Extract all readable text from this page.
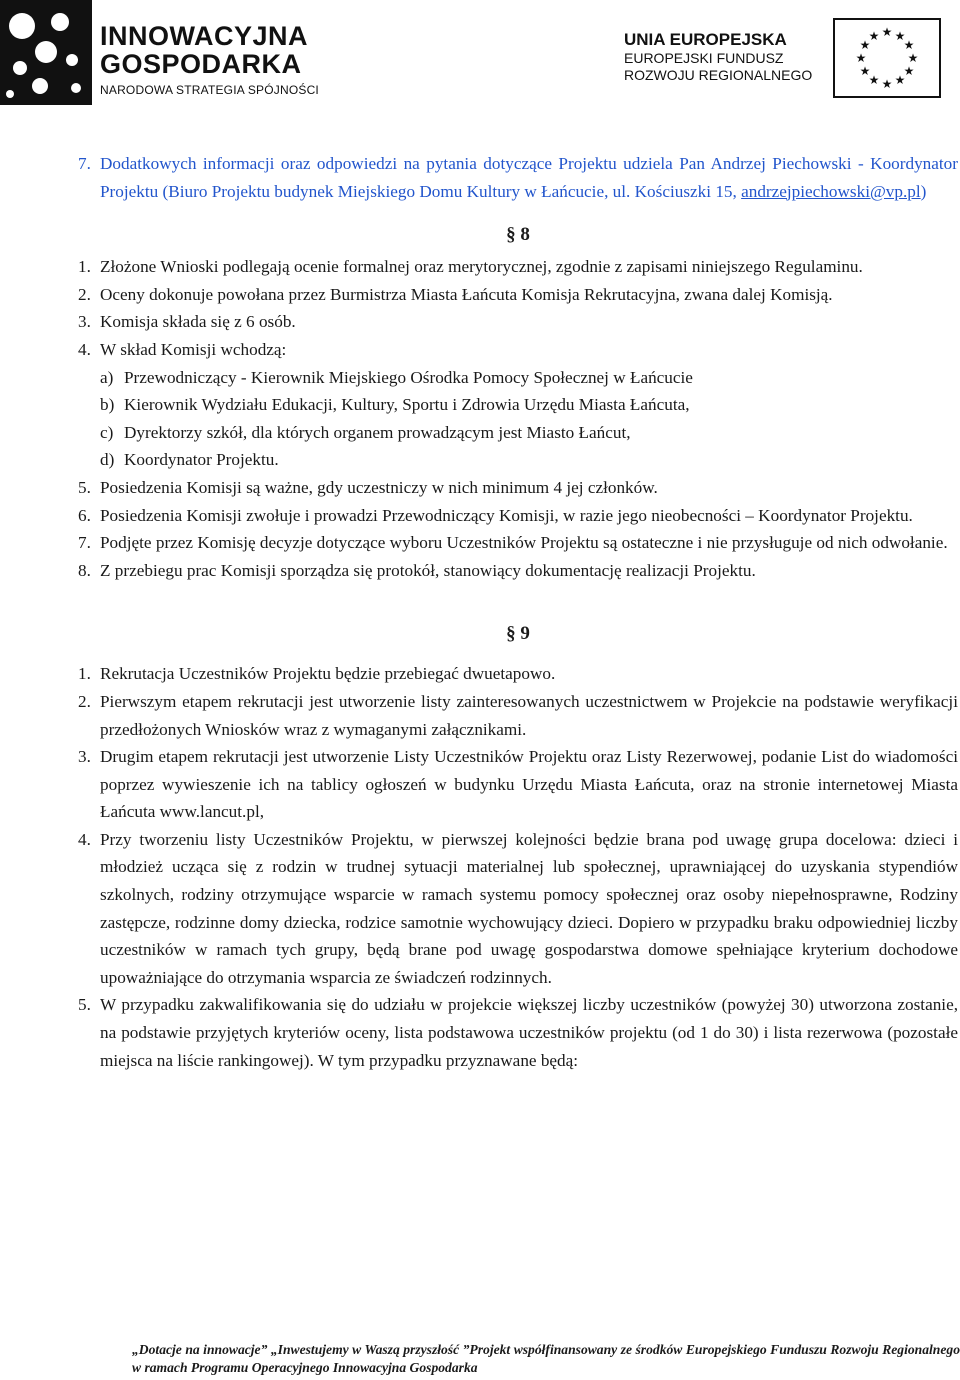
INNOWACYJNA
GOSPODARKA
NARODOWA STRATEGIA SPÓJNOŚCI
UNIA EUROPEJSKA
EUROPEJSKI FUNDUSZ
ROZWOJU REGIONALNEGO
★ ★
★
★
★
★
★
★
★
★
★
★
7. Dodatkowych informacji oraz odpowiedzi na pytania dotyczące Projektu udziela Pan Andrzej Piechowski - Koordynator Projektu (Biuro Projektu budynek Miejskiego Domu Kultury w Łańcucie, ul. Kościuszki 15, andrzejpiechowski@vp.pl)
§ 8
1. Złożone Wnioski podlegają ocenie formalnej oraz merytorycznej, zgodnie z zapisami niniejszego Regulaminu.
2. Oceny dokonuje powołana przez Burmistrza Miasta Łańcuta Komisja Rekrutacyjna, zwana dalej Komisją.
3. Komisja składa się z 6 osób.
4. W skład Komisji wchodzą:
a) Przewodniczący - Kierownik Miejskiego Ośrodka Pomocy Społecznej w Łańcucie
b) Kierownik Wydziału Edukacji, Kultury, Sportu i Zdrowia Urzędu Miasta Łańcuta,
c) Dyrektorzy szkół, dla których organem prowadzącym jest Miasto Łańcut,
d) Koordynator Projektu.
5. Posiedzenia Komisji są ważne, gdy uczestniczy w nich minimum 4 jej członków.
6. Posiedzenia Komisji zwołuje i prowadzi Przewodniczący Komisji, w razie jego nieobecności – Koordynator Projektu.
7. Podjęte przez Komisję decyzje dotyczące wyboru Uczestników Projektu są ostateczne i nie przysługuje od nich odwołanie.
8. Z przebiegu prac Komisji sporządza się protokół, stanowiący dokumentację realizacji Projektu.
§ 9
1. Rekrutacja Uczestników Projektu będzie przebiegać dwuetapowo.
2. Pierwszym etapem rekrutacji jest utworzenie listy zainteresowanych uczestnictwem w Projekcie na podstawie weryfikacji przedłożonych Wniosków wraz z wymaganymi załącznikami.
3. Drugim etapem rekrutacji jest utworzenie Listy Uczestników Projektu oraz Listy Rezerwowej, podanie List do wiadomości poprzez wywieszenie ich na tablicy ogłoszeń w budynku Urzędu Miasta Łańcuta, oraz na stronie internetowej Miasta Łańcuta www.lancut.pl,
4. Przy tworzeniu listy Uczestników Projektu, w pierwszej kolejności będzie brana pod uwagę grupa docelowa: dzieci i młodzież ucząca się z rodzin w trudnej sytuacji materialnej lub społecznej, uprawniającej do uzyskania stypendiów szkolnych, rodziny otrzymujące wsparcie w ramach systemu pomocy społecznej oraz osoby niepełnosprawne, Rodziny zastępcze, rodzinne domy dziecka, rodzice samotnie wychowujący dzieci. Dopiero w przypadku braku odpowiedniej liczby uczestników w ramach tych grupy, będą brane pod uwagę gospodarstwa domowe spełniające kryterium dochodowe upoważniające do otrzymania wsparcia ze świadczeń rodzinnych.
5. W przypadku zakwalifikowania się do udziału w projekcie większej liczby uczestników (powyżej 30) utworzona zostanie, na podstawie przyjętych kryteriów oceny, lista podstawowa uczestników projektu (od 1 do 30) i lista rezerwowa (pozostałe miejsca na liście rankingowej). W tym przypadku przyznawane będą:
„Dotacje na innowacje” „Inwestujemy w Waszą przyszłość ”Projekt współfinansowany ze środków Europejskiego Funduszu Rozwoju Regionalnego w ramach Programu Operacyjnego Innowacyjna Gospodarka
